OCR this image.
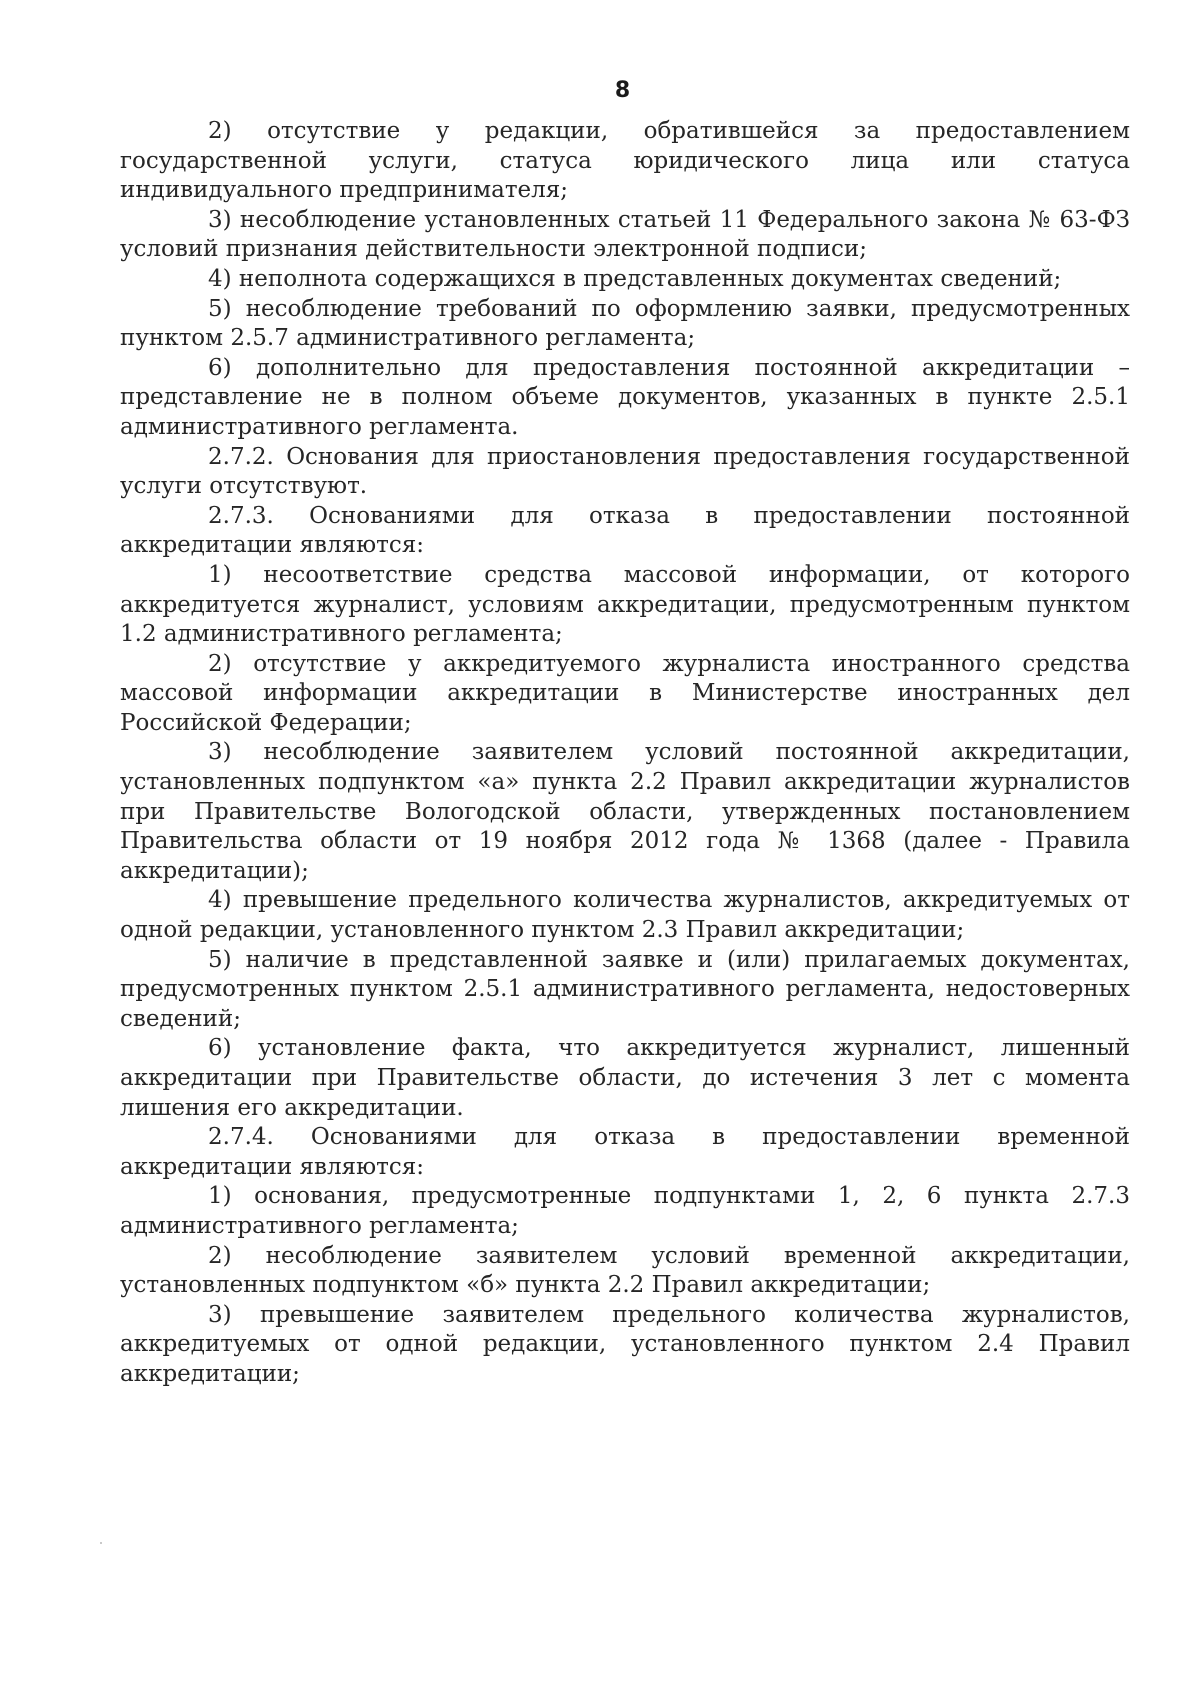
8

2) отсутствие у редакции, обратившейся за предоставлением государственной услуги, статуса юридического лица или статуса индивидуального предпринимателя;

3) несоблюдение установленных статьей 11 Федерального закона № 63-ФЗ условий признания действительности электронной подписи;

4) неполнота содержащихся в представленных документах сведений;

5) несоблюдение требований по оформлению заявки, предусмотренных пунктом 2.5.7 административного регламента;

6) дополнительно для предоставления постоянной аккредитации – представление не в полном объеме документов, указанных в пункте 2.5.1 административного регламента.

2.7.2. Основания для приостановления предоставления государственной услуги отсутствуют.

2.7.3. Основаниями для отказа в предоставлении постоянной аккредитации являются:

1) несоответствие средства массовой информации, от которого аккредитуется журналист, условиям аккредитации, предусмотренным пунктом 1.2 административного регламента;

2) отсутствие у аккредитуемого журналиста иностранного средства массовой информации аккредитации в Министерстве иностранных дел Российской Федерации;

3) несоблюдение заявителем условий постоянной аккредитации, установленных подпунктом «а» пункта 2.2 Правил аккредитации журналистов при Правительстве Вологодской области, утвержденных постановлением Правительства области от 19 ноября 2012 года № 1368 (далее - Правила аккредитации);

4) превышение предельного количества журналистов, аккредитуемых от одной редакции, установленного пунктом 2.3 Правил аккредитации;

5) наличие в представленной заявке и (или) прилагаемых документах, предусмотренных пунктом 2.5.1 административного регламента, недостоверных сведений;

6) установление факта, что аккредитуется журналист, лишенный аккредитации при Правительстве области, до истечения 3 лет с момента лишения его аккредитации.

2.7.4. Основаниями для отказа в предоставлении временной аккредитации являются:

1) основания, предусмотренные подпунктами 1, 2, 6 пункта 2.7.3 административного регламента;

2) несоблюдение заявителем условий временной аккредитации, установленных подпунктом «б» пункта 2.2 Правил аккредитации;

3) превышение заявителем предельного количества журналистов, аккредитуемых от одной редакции, установленного пунктом 2.4 Правил аккредитации;
